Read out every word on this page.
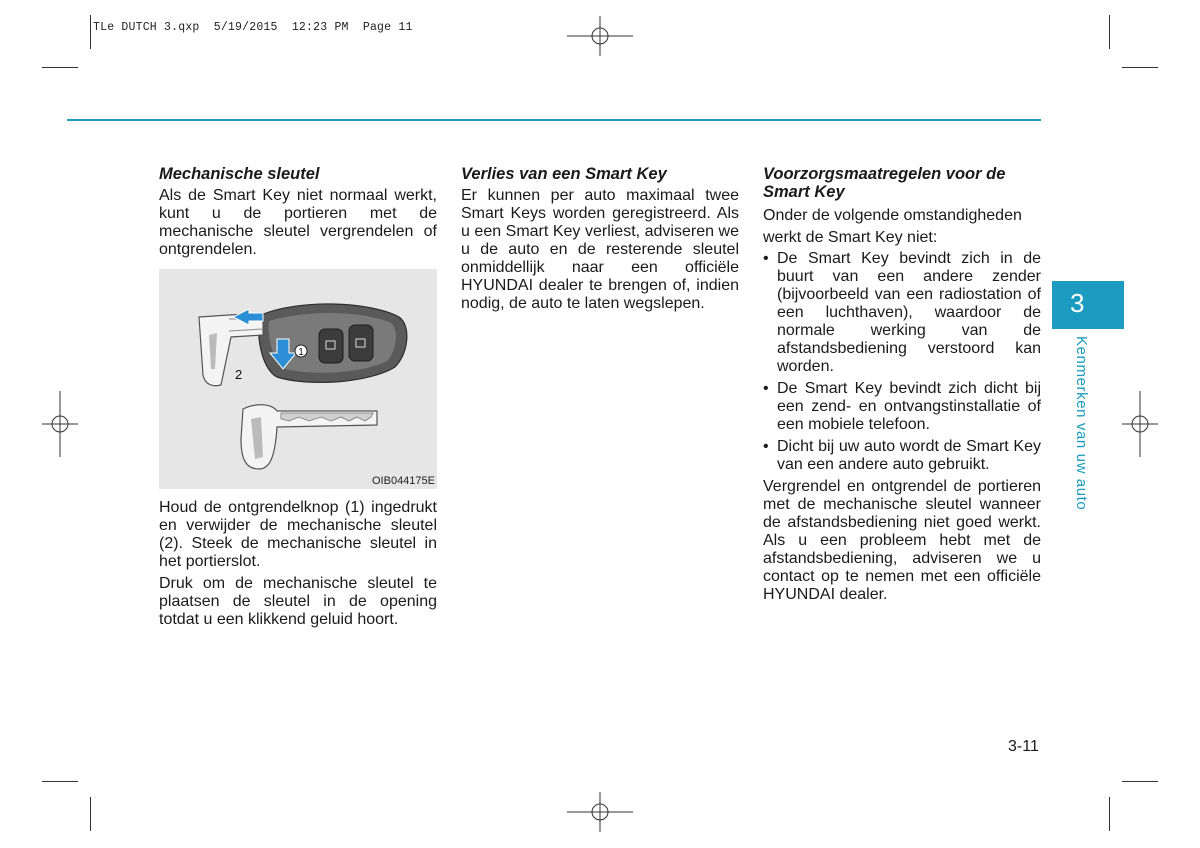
TLe DUTCH 3.qxp  5/19/2015  12:23 PM  Page 11

Mechanische sleutel

Als de Smart Key niet normaal werkt, kunt u de portieren met de mechanische sleutel vergrendelen of ontgrendelen.

1
2
OIB044175E

Houd de ontgrendelknop (1) ingedrukt en verwijder de mechanische sleutel (2). Steek de mechanische sleutel in het portierslot.

Druk om de mechanische sleutel te plaatsen de sleutel in de opening totdat u een klikkend geluid hoort.

Verlies van een Smart Key

Er kunnen per auto maximaal twee Smart Keys worden geregistreerd. Als u een Smart Key verliest, adviseren we u de auto en de resterende sleutel onmiddellijk naar een officiële HYUNDAI dealer te brengen of, indien nodig, de auto te laten wegslepen.

Voorzorgsmaatregelen voor de

Smart Key

Onder de volgende omstandigheden

werkt de Smart Key niet:

• De Smart Key bevindt zich in de buurt van een andere zender (bijvoorbeeld van een radiostation of een luchthaven), waardoor de normale werking van de afstandsbediening verstoord kan worden.
• De Smart Key bevindt zich dicht bij een zend- en ontvangstinstallatie of een mobiele telefoon.
• Dicht bij uw auto wordt de Smart Key van een andere auto gebruikt.

Vergrendel en ontgrendel de portieren met de mechanische sleutel wanneer de afstandsbediening niet goed werkt. Als u een probleem hebt met de afstandsbediening, adviseren we u contact op te nemen met een officiële HYUNDAI dealer.

3
Kenmerken van uw auto
3-11
